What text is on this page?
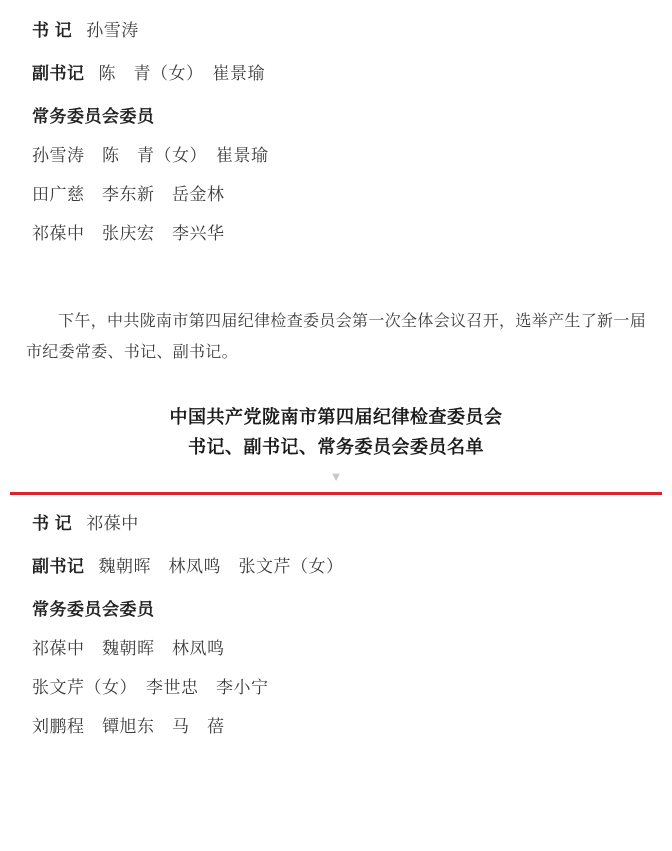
书 记 孙雪涛
副书记 陈　青（女）　崔景瑜
常务委员会委员
孙雪涛　陈　青（女）　崔景瑜
田广慈　李东新　岳金林
祁葆中　张庆宏　李兴华

下午，中共陇南市第四届纪律检查委员会第一次全体会议召开，选举产生了新一届市纪委常委、书记、副书记。

中国共产党陇南市第四届纪律检查委员会
书记、副书记、常务委员会委员名单
▼
书 记 祁葆中
副书记 魏朝晖　林凤鸣　张文芹（女）
常务委员会委员
祁葆中　魏朝晖　林凤鸣
张文芹（女）　李世忠　李小宁
刘鹏程　镡旭东　马　蓓
